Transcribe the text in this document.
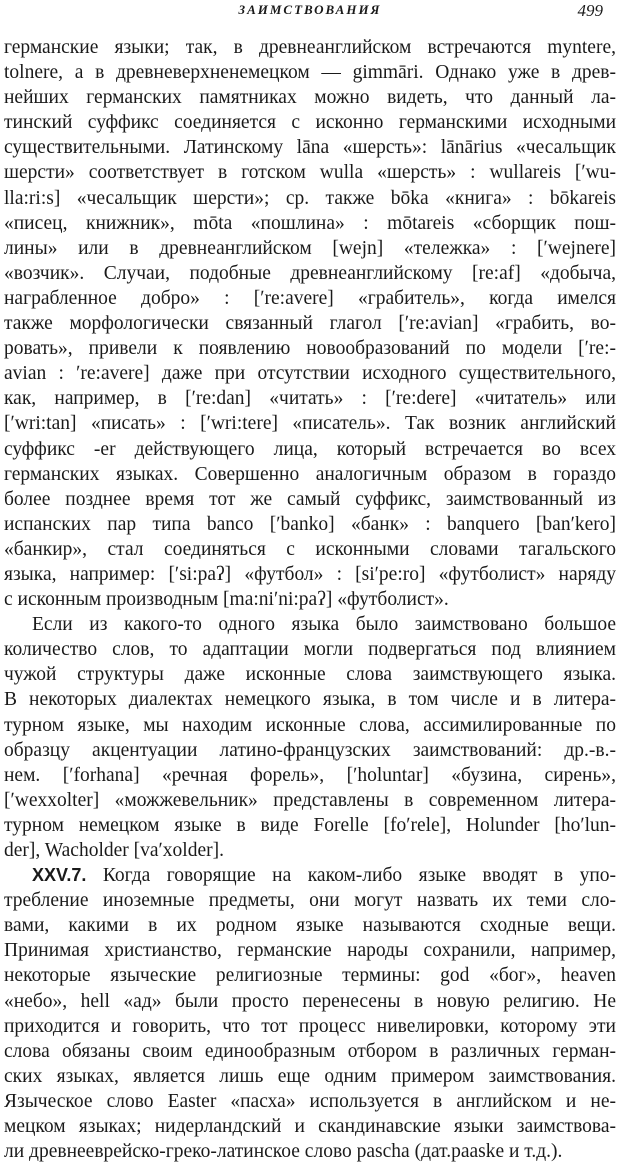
ЗАИМСТВОВАНИЯ	499
германские языки; так, в древнеанглийском встречаются myntere,
tolnere, а в древневерхненемецком — gimmāri. Однако уже в древ-
нейших германских памятниках можно видеть, что данный ла-
тинский суффикс соединяется с исконно германскими исходными
существительными. Латинскому lāna «шерсть»: lānārius «чесальщик
шерсти» соответствует в готском wulla «шерсть» : wullareis [ʹwu-
lla:ri:s] «чесальщик шерсти»; ср. также bōka «книга» : bōkareis
«писец, книжник», mōta «пошлина» : mōtareis «сборщик пош-
лины» или в древнеанглийском [wejn] «тележка» : [ʹwejnere]
«возчик». Случаи, подобные древнеанглийскому [re:af] «добыча,
награбленное добро» : [ʹre:avere] «грабитель», когда имелся
также морфологически связанный глагол [ʹre:avian] «грабить, во-
ровать», привели к появлению новообразований по модели [ʹre:-
avian : ʹre:avere] даже при отсутствии исходного существительного,
как, например, в [ʹre:dan] «читать» : [ʹre:dere] «читатель» или
[ʹwri:tan] «писать» : [ʹwri:tere] «писатель». Так возник английский
суффикс -er действующего лица, который встречается во всех
германских языках. Совершенно аналогичным образом в гораздо
более позднее время тот же самый суффикс, заимствованный из
испанских пар типа banco [ʹbanko] «банк» : banquero [banʹkero]
«банкир», стал соединяться с исконными словами тагальского
языка, например: [ʹsi:paʔ] «футбол» : [siʹpe:ro] «футболист» наряду
с исконным производным [ma:niʹni:paʔ] «футболист».
Если из какого-то одного языка было заимствовано большое
количество слов, то адаптации могли подвергаться под влиянием
чужой структуры даже исконные слова заимствующего языка.
В некоторых диалектах немецкого языка, в том числе и в литера-
турном языке, мы находим исконные слова, ассимилированные по
образцу акцентуации латино-французских заимствований: др.-в.-
нем. [ʹforhana] «речная форель», [ʹholuntar] «бузина, сирень»,
[ʹwexxolter] «можжевельник» представлены в современном литера-
турном немецком языке в виде Forelle [foʹrele], Holunder [hoʹlun-
der], Wacholder [vaʹxolder].
XXV.7. Когда говорящие на каком-либо языке вводят в упо-
требление иноземные предметы, они могут назвать их теми сло-
вами, какими в их родном языке называются сходные вещи.
Принимая христианство, германские народы сохранили, например,
некоторые языческие религиозные термины: god «бог», heaven
«небо», hell «ад» были просто перенесены в новую религию. Не
приходится и говорить, что тот процесс нивелировки, которому эти
слова обязаны своим единообразным отбором в различных герман-
ских языках, является лишь еще одним примером заимствования.
Языческое слово Easter «пасха» используется в английском и не-
мецком языках; нидерландский и скандинавские языки заимствова-
ли древнееврейско-греко-латинское слово pascha (дат.paaske и т.д.).
